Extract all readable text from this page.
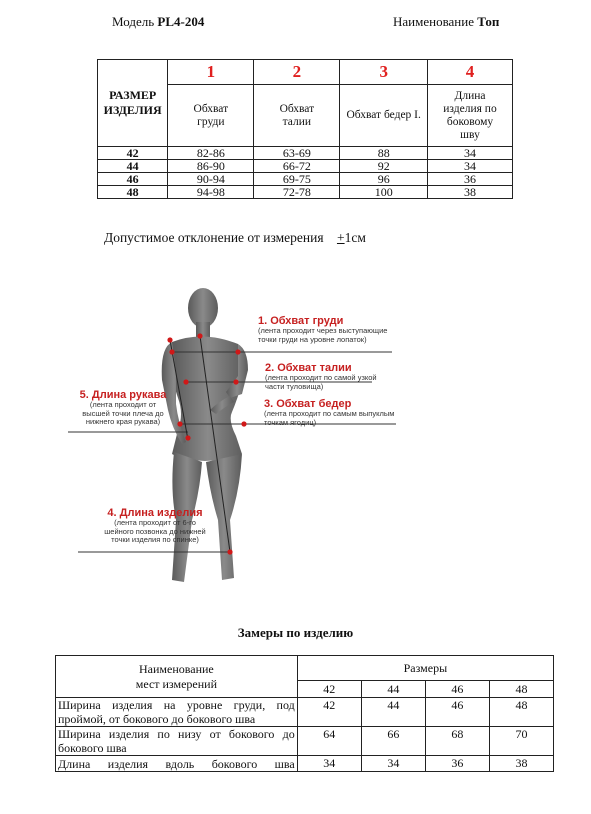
Модель PL4-204	Наименование Топ
РАЗМЕР ИЗДЕЛИЯ	1	2	3	4

	Обхват груди	Обхват талии	Обхват бедер I.	Длина изделия по боковому шву

42	82-86	63-69	88	34
44	86-90	66-72	92	34
46	90-94	69-75	96	36
48	94-98	72-78	100	38
Допустимое отклонение от измерения +1см
1. Обхват груди
(лента проходит через выступающие
точки груди на уровне лопаток)
2. Обхват талии
(лента проходит по самой узкой
части туловища)
3. Обхват бедер
(лента проходит по самым выпуклым
точкам ягодиц)
5. Длина рукава
(лента проходит от
высшей точки плеча до
нижнего края рукава)
4. Длина изделия
(лента проходит от 6-го
шейного позвонка до нижней
точки изделия по спинке)
Замеры по изделию
Наименование
мест измерений	Размеры			
	42	44	46	48

Ширина изделия на уровне груди, под
проймой, от бокового до бокового шва	42	44	46	48

Ширина изделия по низу от бокового до
бокового шва	64	66	68	70

Длина изделия вдоль бокового шва	34	34	36	38
